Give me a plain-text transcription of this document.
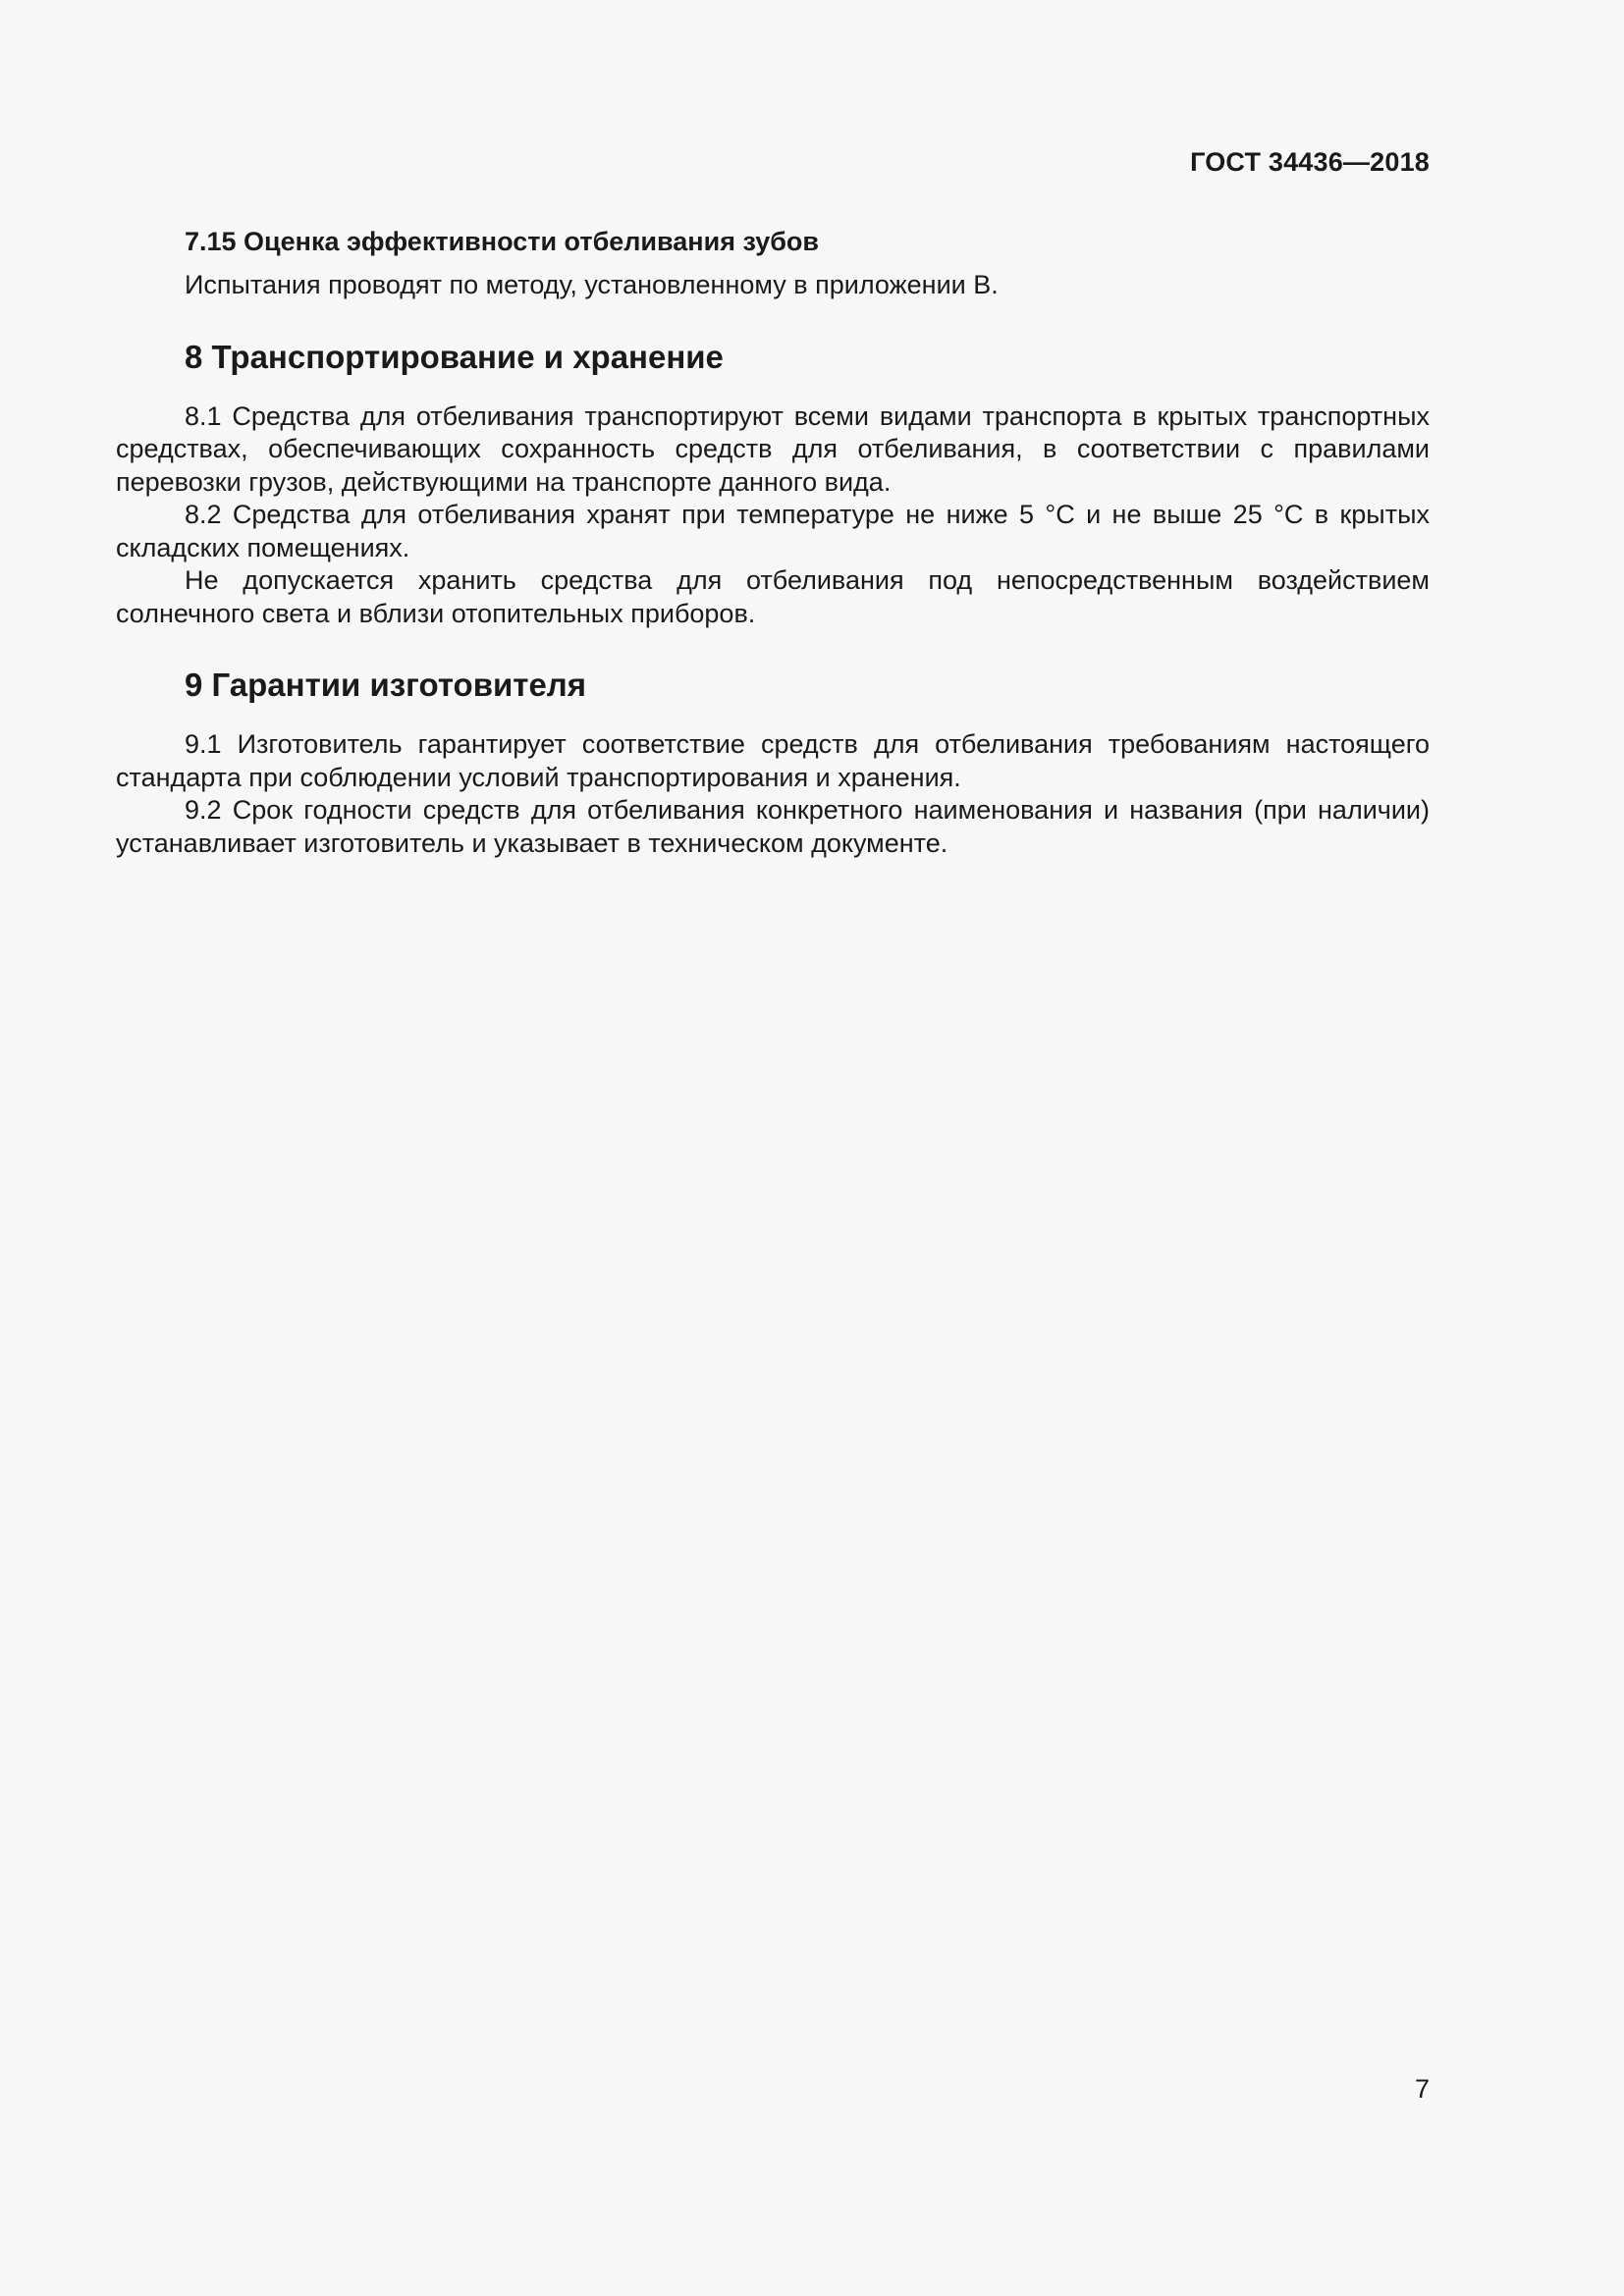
ГОСТ 34436—2018
7.15 Оценка эффективности отбеливания зубов

Испытания проводят по методу, установленному в приложении В.

8 Транспортирование и хранение

8.1 Средства для отбеливания транспортируют всеми видами транспорта в крытых транспортных средствах, обеспечивающих сохранность средств для отбеливания, в соответствии с правилами перевозки грузов, действующими на транспорте данного вида.

8.2 Средства для отбеливания хранят при температуре не ниже 5 °С и не выше 25 °С в крытых складских помещениях.

Не допускается хранить средства для отбеливания под непосредственным воздействием солнечного света и вблизи отопительных приборов.

9 Гарантии изготовителя

9.1 Изготовитель гарантирует соответствие средств для отбеливания требованиям настоящего стандарта при соблюдении условий транспортирования и хранения.

9.2 Срок годности средств для отбеливания конкретного наименования и названия (при наличии) устанавливает изготовитель и указывает в техническом документе.

7
